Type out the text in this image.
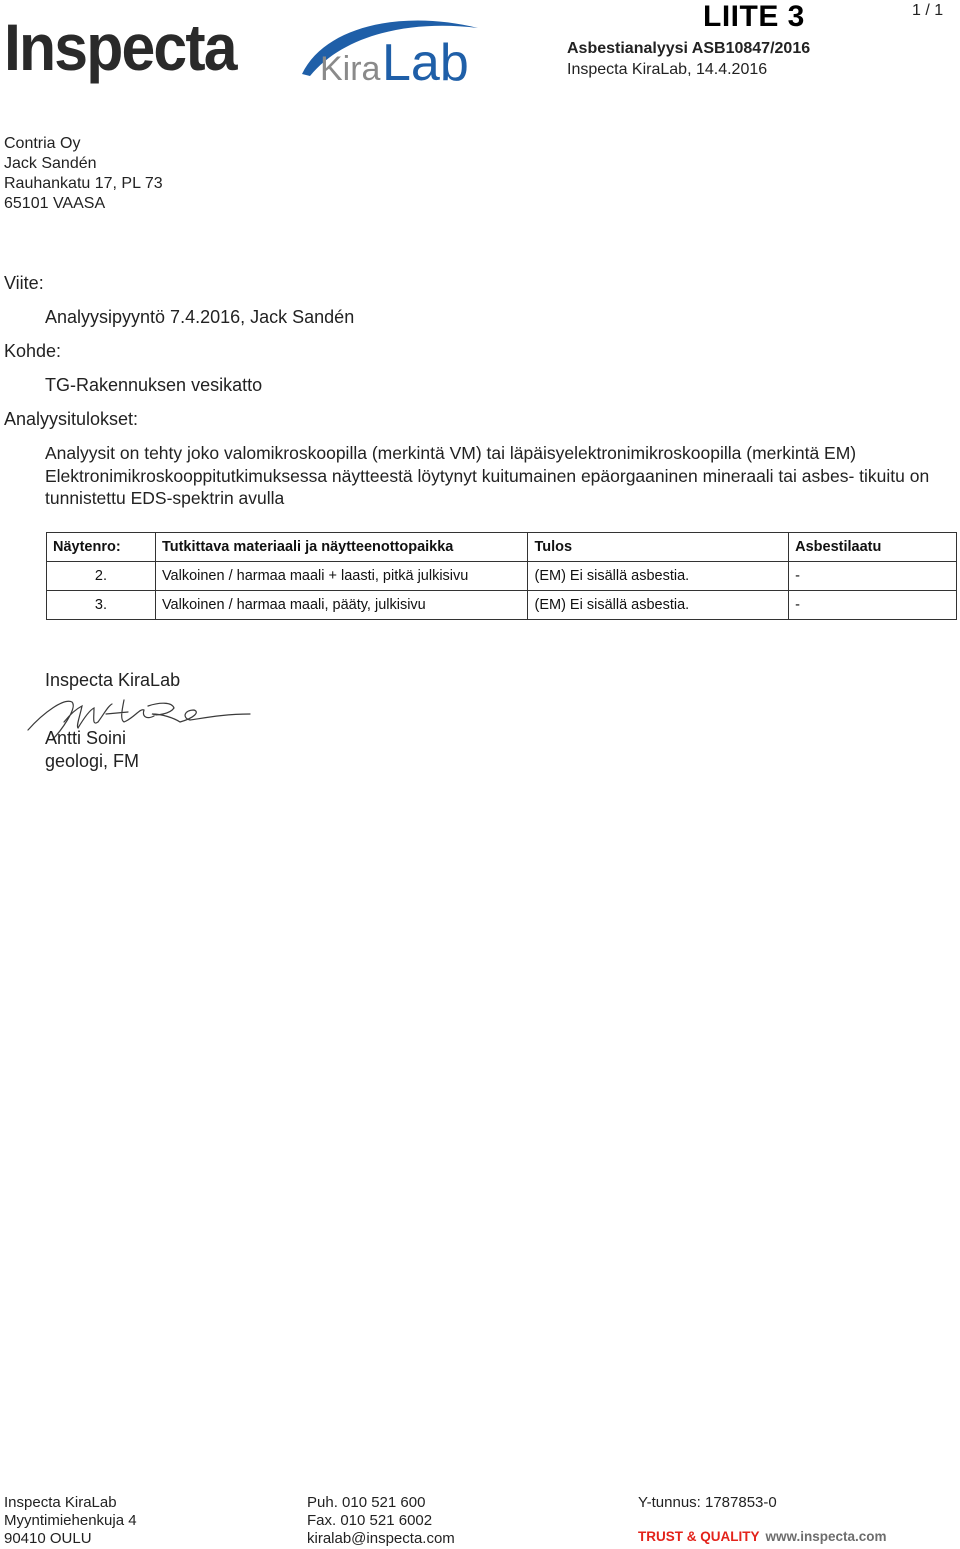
Inspecta Kira Lab
LIITE 3	1 / 1
Asbestianalyysi ASB10847/2016
Inspecta KiraLab, 14.4.2016
Contria Oy
Jack Sandén
Rauhankatu 17, PL 73
65101 VAASA
Viite:
Analyysipyyntö 7.4.2016, Jack Sandén
Kohde:
TG-Rakennuksen vesikatto
Analyysitulokset:
Analyysit on tehty joko valomikroskoopilla (merkintä VM) tai läpäisyelektronimikroskoopilla (merkintä EM) Elektronimikroskooppitutkimuksessa näytteestä löytynyt kuitumainen epäorgaaninen mineraali tai asbes- tikuitu on tunnistettu EDS-spektrin avulla
Näytenro:	Tutkittava materiaali ja näytteenottopaikka	Tulos	Asbestilaatu
2.	Valkoinen / harmaa maali + laasti, pitkä julkisivu	(EM) Ei sisällä asbestia.	-
3.	Valkoinen / harmaa maali, pääty, julkisivu	(EM) Ei sisällä asbestia.	-
Inspecta KiraLab
Antti Soini
geologi, FM
Inspecta KiraLab
Myyntimiehenkuja 4
90410 OULU
Puh. 010 521 600
Fax. 010 521 6002
kiralab@inspecta.com
Y-tunnus: 1787853-0
TRUST & QUALITY www.inspecta.com
